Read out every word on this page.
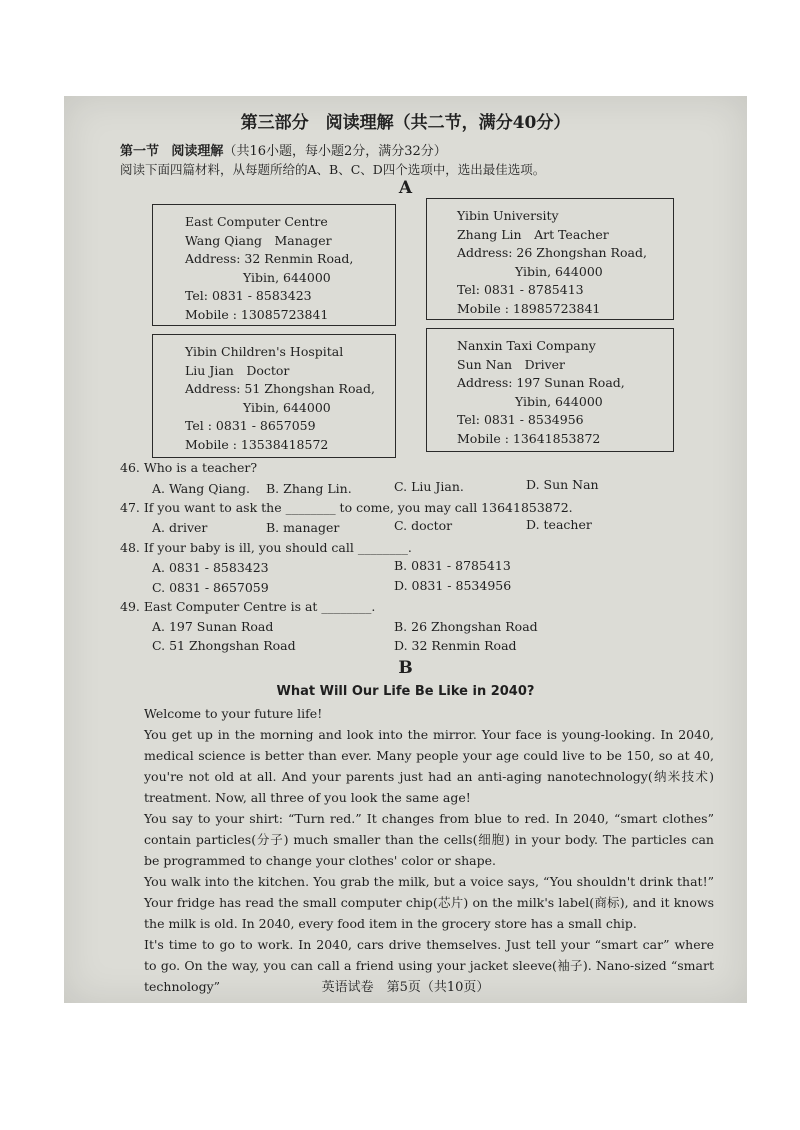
第三部分　阅读理解（共二节，满分40分）
第一节 阅读理解（共16小题，每小题2分，满分32分）
阅读下面四篇材料，从每题所给的A、B、C、D四个选项中，选出最佳选项。
A
East Computer Centre
Wang Qiang　Manager
Address: 32 Renmin Road,
Yibin, 644000
Tel: 0831 - 8583423
Mobile : 13085723841
Yibin University
Zhang Lin　Art Teacher
Address: 26 Zhongshan Road,
Yibin, 644000
Tel: 0831 - 8785413
Mobile : 18985723841
Yibin Children's Hospital
Liu Jian　Doctor
Address: 51 Zhongshan Road,
Yibin, 644000
Tel : 0831 - 8657059
Mobile : 13538418572
Nanxin Taxi Company
Sun Nan　Driver
Address: 197 Sunan Road,
Yibin, 644000
Tel: 0831 - 8534956
Mobile : 13641853872
46. Who is a teacher?
A. Wang Qiang. B. Zhang Lin.	C. Liu Jian.	D. Sun Nan
47. If you want to ask the ________ to come, you may call 13641853872.
A. driver	B. manager	C. doctor	D. teacher
48. If your baby is ill, you should call ________.
A. 0831 - 8583423	B. 0831 - 8785413
C. 0831 - 8657059	D. 0831 - 8534956
49. East Computer Centre is at ________.
A. 197 Sunan Road	B. 26 Zhongshan Road
C. 51 Zhongshan Road	D. 32 Renmin Road
B
What Will Our Life Be Like in 2040?
Welcome to your future life!
You get up in the morning and look into the mirror. Your face is young-looking. In 2040, medical science is better than ever. Many people your age could live to be 150, so at 40, you're not old at all. And your parents just had an anti-aging nanotechnology(纳米技术) treatment. Now, all three of you look the same age!
You say to your shirt: “Turn red.” It changes from blue to red. In 2040, “smart clothes” contain particles(分子) much smaller than the cells(细胞) in your body. The particles can be programmed to change your clothes' color or shape.
You walk into the kitchen. You grab the milk, but a voice says, “You shouldn't drink that!” Your fridge has read the small computer chip(芯片) on the milk's label(商标), and it knows the milk is old. In 2040, every food item in the grocery store has a small chip.
It's time to go to work. In 2040, cars drive themselves. Just tell your “smart car” where to go. On the way, you can call a friend using your jacket sleeve(袖子). Nano-sized “smart technology”	英语试卷　第5页（共10页）
